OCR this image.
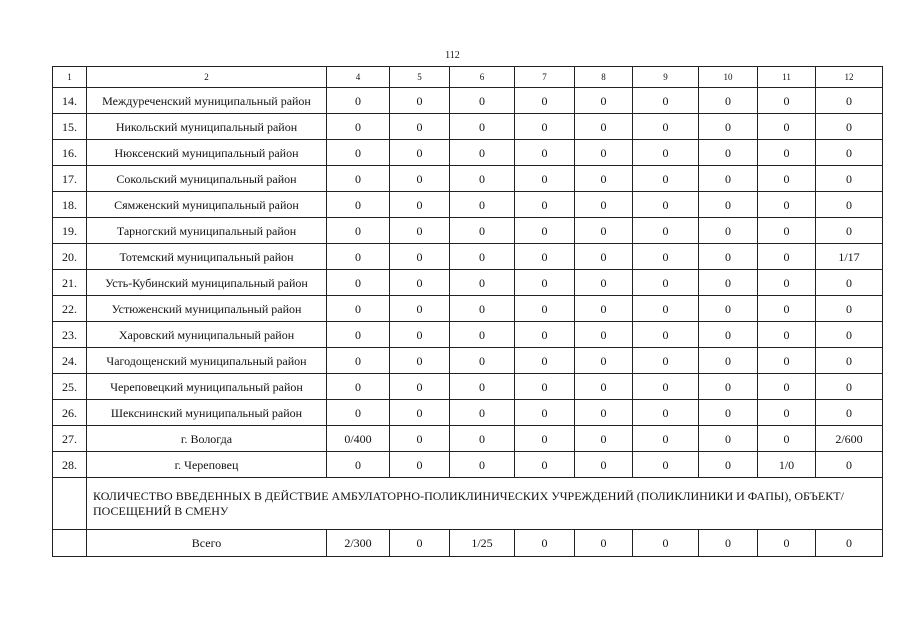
112
1	2	4	5	6	7	8	9	10	11	12
14.	Междуреченский муниципальный район	0	0	0	0	0	0	0	0	0
15.	Никольский муниципальный район	0	0	0	0	0	0	0	0	0
16.	Нюксенский муниципальный район	0	0	0	0	0	0	0	0	0
17.	Сокольский муниципальный район	0	0	0	0	0	0	0	0	0
18.	Сямженский муниципальный район	0	0	0	0	0	0	0	0	0
19.	Тарногский муниципальный район	0	0	0	0	0	0	0	0	0
20.	Тотемский муниципальный район	0	0	0	0	0	0	0	0	1/17
21.	Усть-Кубинский муниципальный район	0	0	0	0	0	0	0	0	0
22.	Устюженский муниципальный район	0	0	0	0	0	0	0	0	0
23.	Харовский муниципальный район	0	0	0	0	0	0	0	0	0
24.	Чагодощенский муниципальный район	0	0	0	0	0	0	0	0	0
25.	Череповецкий муниципальный район	0	0	0	0	0	0	0	0	0
26.	Шекснинский муниципальный район	0	0	0	0	0	0	0	0	0
27.	г. Вологда	0/400	0	0	0	0	0	0	0	2/600
28.	г. Череповец	0	0	0	0	0	0	0	1/0	0
	КОЛИЧЕСТВО ВВЕДЕННЫХ В ДЕЙСТВИЕ АМБУЛАТОРНО-ПОЛИКЛИНИЧЕСКИХ УЧРЕЖДЕНИЙ (ПОЛИКЛИНИКИ И ФАПЫ), ОБЪЕКТ/ПОСЕЩЕНИЙ В СМЕНУ									
	Всего	2/300	0	1/25	0	0	0	0	0	0
